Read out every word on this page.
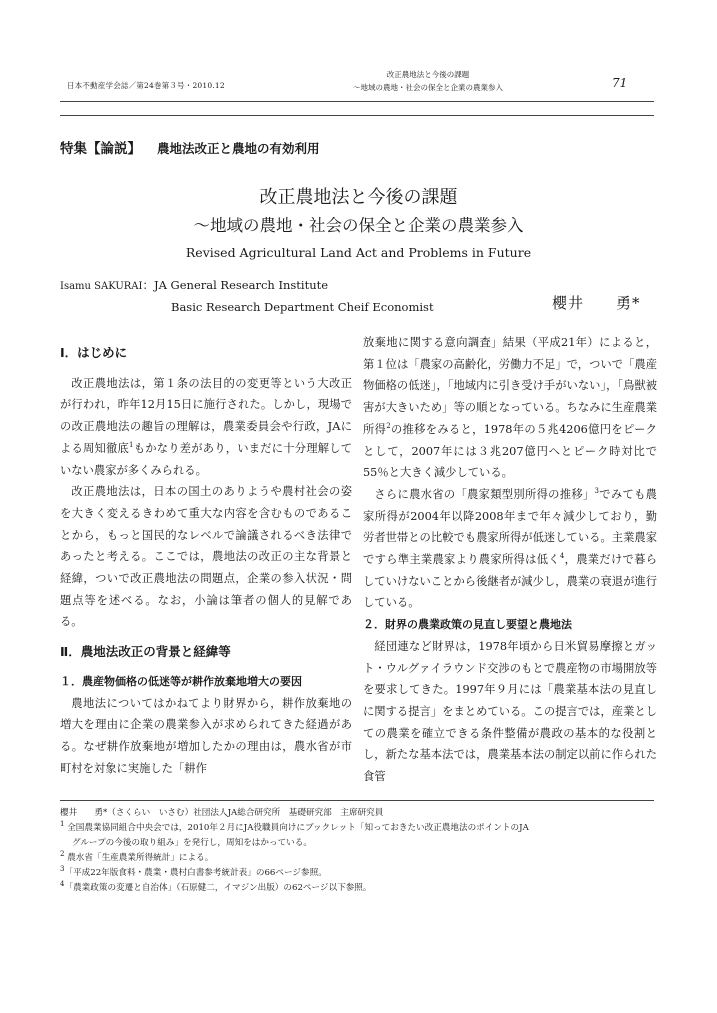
日本不動産学会誌／第24巻第３号・2010.12
改正農地法と今後の課題
〜地域の農地・社会の保全と企業の農業参入	71
特集【論説】 農地法改正と農地の有効利用
改正農地法と今後の課題
〜地域の農地・社会の保全と企業の農業参入
Revised Agricultural Land Act and Problems in Future
Isamu SAKURAI：JA General Research Institute
Basic Research Department Cheif Economist	櫻井　　勇*
Ⅰ．はじめに

改正農地法は，第１条の法目的の変更等という大改正が行われ，昨年12月15日に施行された。しかし，現場での改正農地法の趣旨の理解は，農業委員会や行政，JAによる周知徹底$^1$もかなり差があり，いまだに十分理解していない農家が多くみられる。

改正農地法は，日本の国土のありようや農村社会の姿を大きく変えるきわめて重大な内容を含むものであることから，もっと国民的なレベルで論議されるべき法律であったと考える。ここでは，農地法の改正の主な背景と経緯，ついで改正農地法の問題点，企業の参入状況・問題点等を述べる。なお，小論は筆者の個人的見解である。

Ⅱ．農地法改正の背景と経緯等
１．農産物価格の低迷等が耕作放棄地増大の要因

農地法についてはかねてより財界から，耕作放棄地の増大を理由に企業の農業参入が求められてきた経過がある。なぜ耕作放棄地が増加したかの理由は，農水省が市町村を対象に実施した「耕作

放棄地に関する意向調査」結果（平成21年）によると，第１位は「農家の高齢化，労働力不足」で，ついで「農産物価格の低迷」，「地域内に引き受け手がいない」，「鳥獣被害が大きいため」等の順となっている。ちなみに生産農業所得$^2$の推移をみると，1978年の５兆4206億円をピークとして，2007年には３兆207億円へとピーク時対比で55％と大きく減少している。

さらに農水省の「農家類型別所得の推移」$^3$でみても農家所得が2004年以降2008年まで年々減少しており，勤労者世帯との比較でも農家所得が低迷している。主業農家ですら準主業農家より農家所得は低く$^4$，農業だけで暮らしていけないことから後継者が減少し，農業の衰退が進行している。

２．財界の農業政策の見直し要望と農地法

経団連など財界は，1978年頃から日米貿易摩擦とガット・ウルグァイラウンド交渉のもとで農産物の市場開放等を要求してきた。1997年９月には「農業基本法の見直しに関する提言」をまとめている。この提言では，産業としての農業を確立できる条件整備が農政の基本的な役割とし，新たな基本法では，農業基本法の制定以前に作られた食管

櫻井　　勇*（さくらい　いさむ）社団法人JA総合研究所　基礎研究部　主席研究員
$^1$ 全国農業協同組合中央会では，2010年２月にJA役職員向けにブックレット「知っておきたい改正農地法のポイントのJA
グループの今後の取り組み」を発行し，周知をはかっている。
$^2$ 農水省「生産農業所得統計」による。
$^3$「平成22年版食料・農業・農村白書参考統計表」の66ページ参照。
$^4$「農業政策の変遷と自治体」（石原健二，イマジン出版）の62ページ以下参照。
